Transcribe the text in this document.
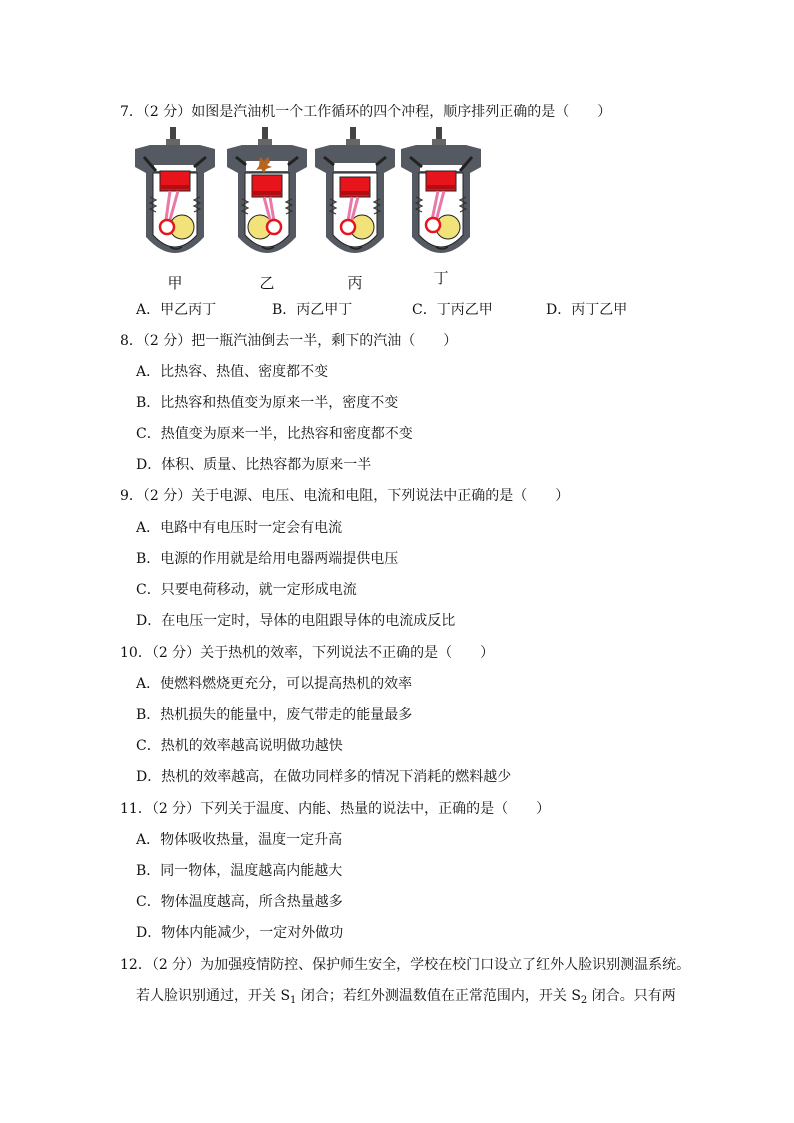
7．（2 分）如图是汽油机一个工作循环的四个冲程，顺序排列正确的是（　　）
甲	乙	丙	丁
A．甲乙丙丁	B．丙乙甲丁	C．丁丙乙甲	D．丙丁乙甲
8．（2 分）把一瓶汽油倒去一半，剩下的汽油（　　）
A．比热容、热值、密度都不变
B．比热容和热值变为原来一半，密度不变
C．热值变为原来一半，比热容和密度都不变
D．体积、质量、比热容都为原来一半
9．（2 分）关于电源、电压、电流和电阻，下列说法中正确的是（　　）
A．电路中有电压时一定会有电流
B．电源的作用就是给用电器两端提供电压
C．只要电荷移动，就一定形成电流
D．在电压一定时，导体的电阻跟导体的电流成反比
10．（2 分）关于热机的效率，下列说法不正确的是（　　）
A．使燃料燃烧更充分，可以提高热机的效率
B．热机损失的能量中，废气带走的能量最多
C．热机的效率越高说明做功越快
D．热机的效率越高，在做功同样多的情况下消耗的燃料越少
11．（2 分）下列关于温度、内能、热量的说法中，正确的是（　　）
A．物体吸收热量，温度一定升高
B．同一物体，温度越高内能越大
C．物体温度越高，所含热量越多
D．物体内能减少，一定对外做功
12．（2 分）为加强疫情防控、保护师生安全，学校在校门口设立了红外人脸识别测温系统。
若人脸识别通过，开关 $S_1$ 闭合；若红外测温数值在正常范围内，开关 $S_2$ 闭合。只有两
